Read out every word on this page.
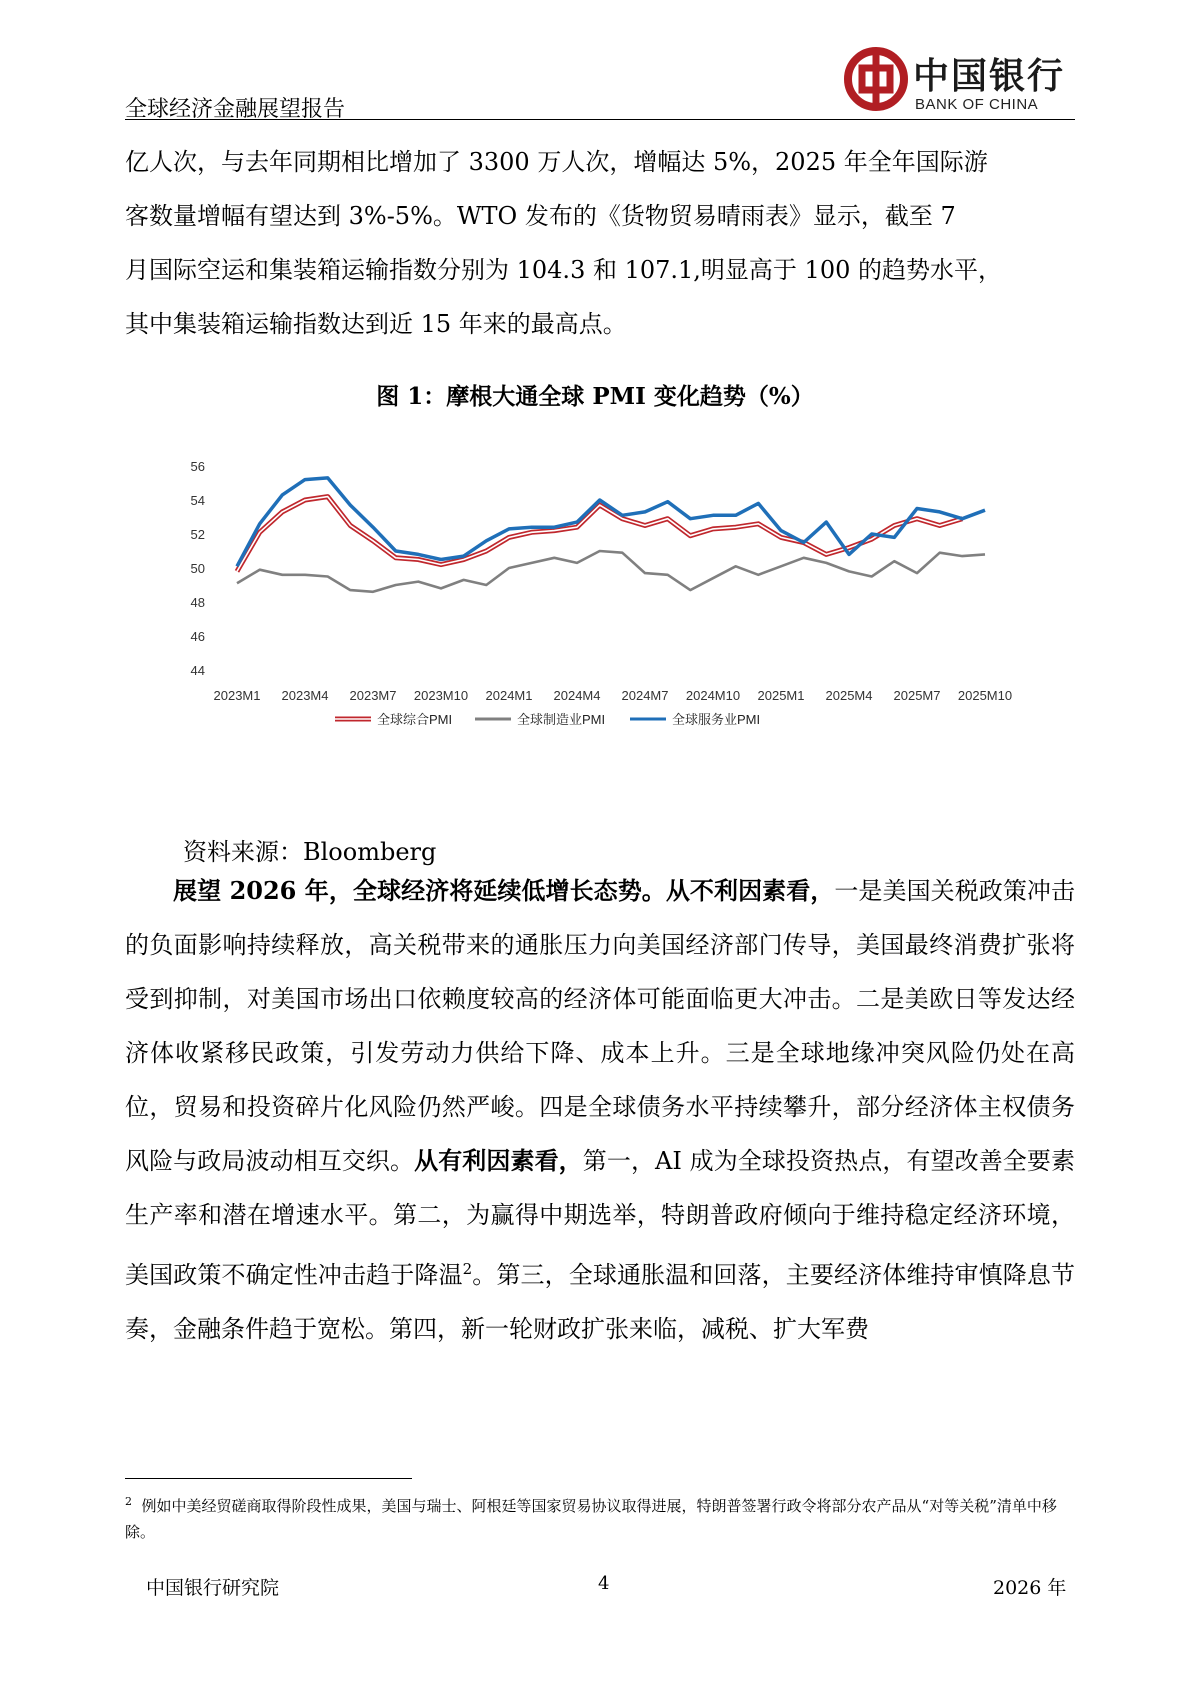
全球经济金融展望报告
中国银行
BANK OF CHINA

亿人次，与去年同期相比增加了 3300 万人次，增幅达 5%，2025 年全年国际游

客数量增幅有望达到 3%-5%。WTO 发布的《货物贸易晴雨表》显示，截至 7

月国际空运和集装箱运输指数分别为 104.3 和 107.1,明显高于 100 的趋势水平，

其中集装箱运输指数达到近 15 年来的最高点。

图 1：摩根大通全球 PMI 变化趋势（%）
44
46
48
50
52
54
56
2023M1 2023M4 2023M7 2023M10 2024M1 2024M4 2024M7 2024M10 2025M1 2025M4 2025M7 2025M10
全球综合PMI	全球制造业PMI	全球服务业PMI
资料来源：Bloomberg

展望 2026 年，全球经济将延续低增长态势。从不利因素看，一是美国关税政策冲击的负面影响持续释放，高关税带来的通胀压力向美国经济部门传导，美国最终消费扩张将受到抑制，对美国市场出口依赖度较高的经济体可能面临更大冲击。二是美欧日等发达经济体收紧移民政策，引发劳动力供给下降、成本上升。三是全球地缘冲突风险仍处在高位，贸易和投资碎片化风险仍然严峻。四是全球债务水平持续攀升，部分经济体主权债务风险与政局波动相互交织。从有利因素看，第一，AI 成为全球投资热点，有望改善全要素生产率和潜在增速水平。第二，为赢得中期选举，特朗普政府倾向于维持稳定经济环境，美国政策不确定性冲击趋于降温$^2$。第三，全球通胀温和回落，主要经济体维持审慎降息节奏，金融条件趋于宽松。第四，新一轮财政扩张来临，减税、扩大军费

$^2$ 例如中美经贸磋商取得阶段性成果，美国与瑞士、阿根廷等国家贸易协议取得进展，特朗普签署行政令将部分农产品从“对等关税”清单中移除。
中国银行研究院	4	2026 年
